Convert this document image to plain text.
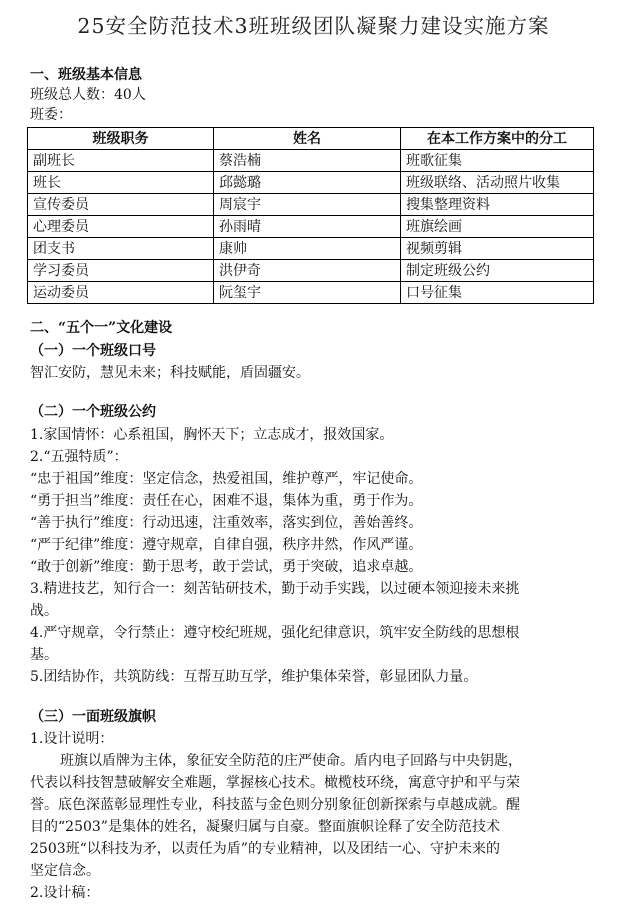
25安全防范技术3班班级团队凝聚力建设实施方案
一、班级基本信息
班级总人数：40人
班委：
班级职务	姓名	在本工作方案中的分工
副班长	蔡浩楠	班歌征集
班长	邱懿璐	班级联络、活动照片收集
宣传委员	周宸宇	搜集整理资料
心理委员	孙雨晴	班旗绘画
团支书	康帅	视频剪辑
学习委员	洪伊奇	制定班级公约
运动委员	阮玺宇	口号征集
二、“五个一”文化建设
（一）一个班级口号
智汇安防，慧见未来；科技赋能，盾固疆安。
（二）一个班级公约
1.家国情怀：心系祖国，胸怀天下；立志成才，报效国家。
2.“五强特质”：
“忠于祖国”维度：坚定信念，热爱祖国，维护尊严，牢记使命。
“勇于担当”维度：责任在心，困难不退，集体为重，勇于作为。
“善于执行”维度：行动迅速，注重效率，落实到位，善始善终。
“严于纪律”维度：遵守规章，自律自强，秩序井然，作风严谨。
“敢于创新”维度：勤于思考，敢于尝试，勇于突破，追求卓越。
3.精进技艺，知行合一：刻苦钻研技术，勤于动手实践，以过硬本领迎接未来挑
战。
4.严守规章，令行禁止：遵守校纪班规，强化纪律意识，筑牢安全防线的思想根
基。
5.团结协作，共筑防线：互帮互助互学，维护集体荣誉，彰显团队力量。
（三）一面班级旗帜
1.设计说明：
班旗以盾牌为主体，象征安全防范的庄严使命。盾内电子回路与中央钥匙，
代表以科技智慧破解安全难题，掌握核心技术。橄榄枝环绕，寓意守护和平与荣
誉。底色深蓝彰显理性专业，科技蓝与金色则分别象征创新探索与卓越成就。醒
目的“2503”是集体的姓名，凝聚归属与自豪。整面旗帜诠释了安全防范技术
2503班“以科技为矛，以责任为盾”的专业精神，以及团结一心、守护未来的
坚定信念。
2.设计稿：
